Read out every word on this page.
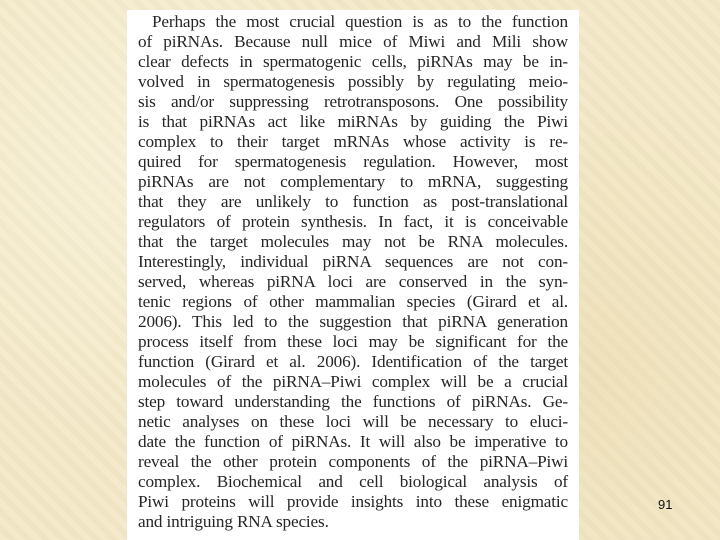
Perhaps the most crucial question is as to the function
of piRNAs. Because null mice of Miwi and Mili show
clear defects in spermatogenic cells, piRNAs may be in-
volved in spermatogenesis possibly by regulating meio-
sis and/or suppressing retrotransposons. One possibility
is that piRNAs act like miRNAs by guiding the Piwi
complex to their target mRNAs whose activity is re-
quired for spermatogenesis regulation. However, most
piRNAs are not complementary to mRNA, suggesting
that they are unlikely to function as post-translational
regulators of protein synthesis. In fact, it is conceivable
that the target molecules may not be RNA molecules.
Interestingly, individual piRNA sequences are not con-
served, whereas piRNA loci are conserved in the syn-
tenic regions of other mammalian species (Girard et al.
2006). This led to the suggestion that piRNA generation
process itself from these loci may be significant for the
function (Girard et al. 2006). Identification of the target
molecules of the piRNA–Piwi complex will be a crucial
step toward understanding the functions of piRNAs. Ge-
netic analyses on these loci will be necessary to eluci-
date the function of piRNAs. It will also be imperative to
reveal the other protein components of the piRNA–Piwi
complex. Biochemical and cell biological analysis of
Piwi proteins will provide insights into these enigmatic
and intriguing RNA species.

91
